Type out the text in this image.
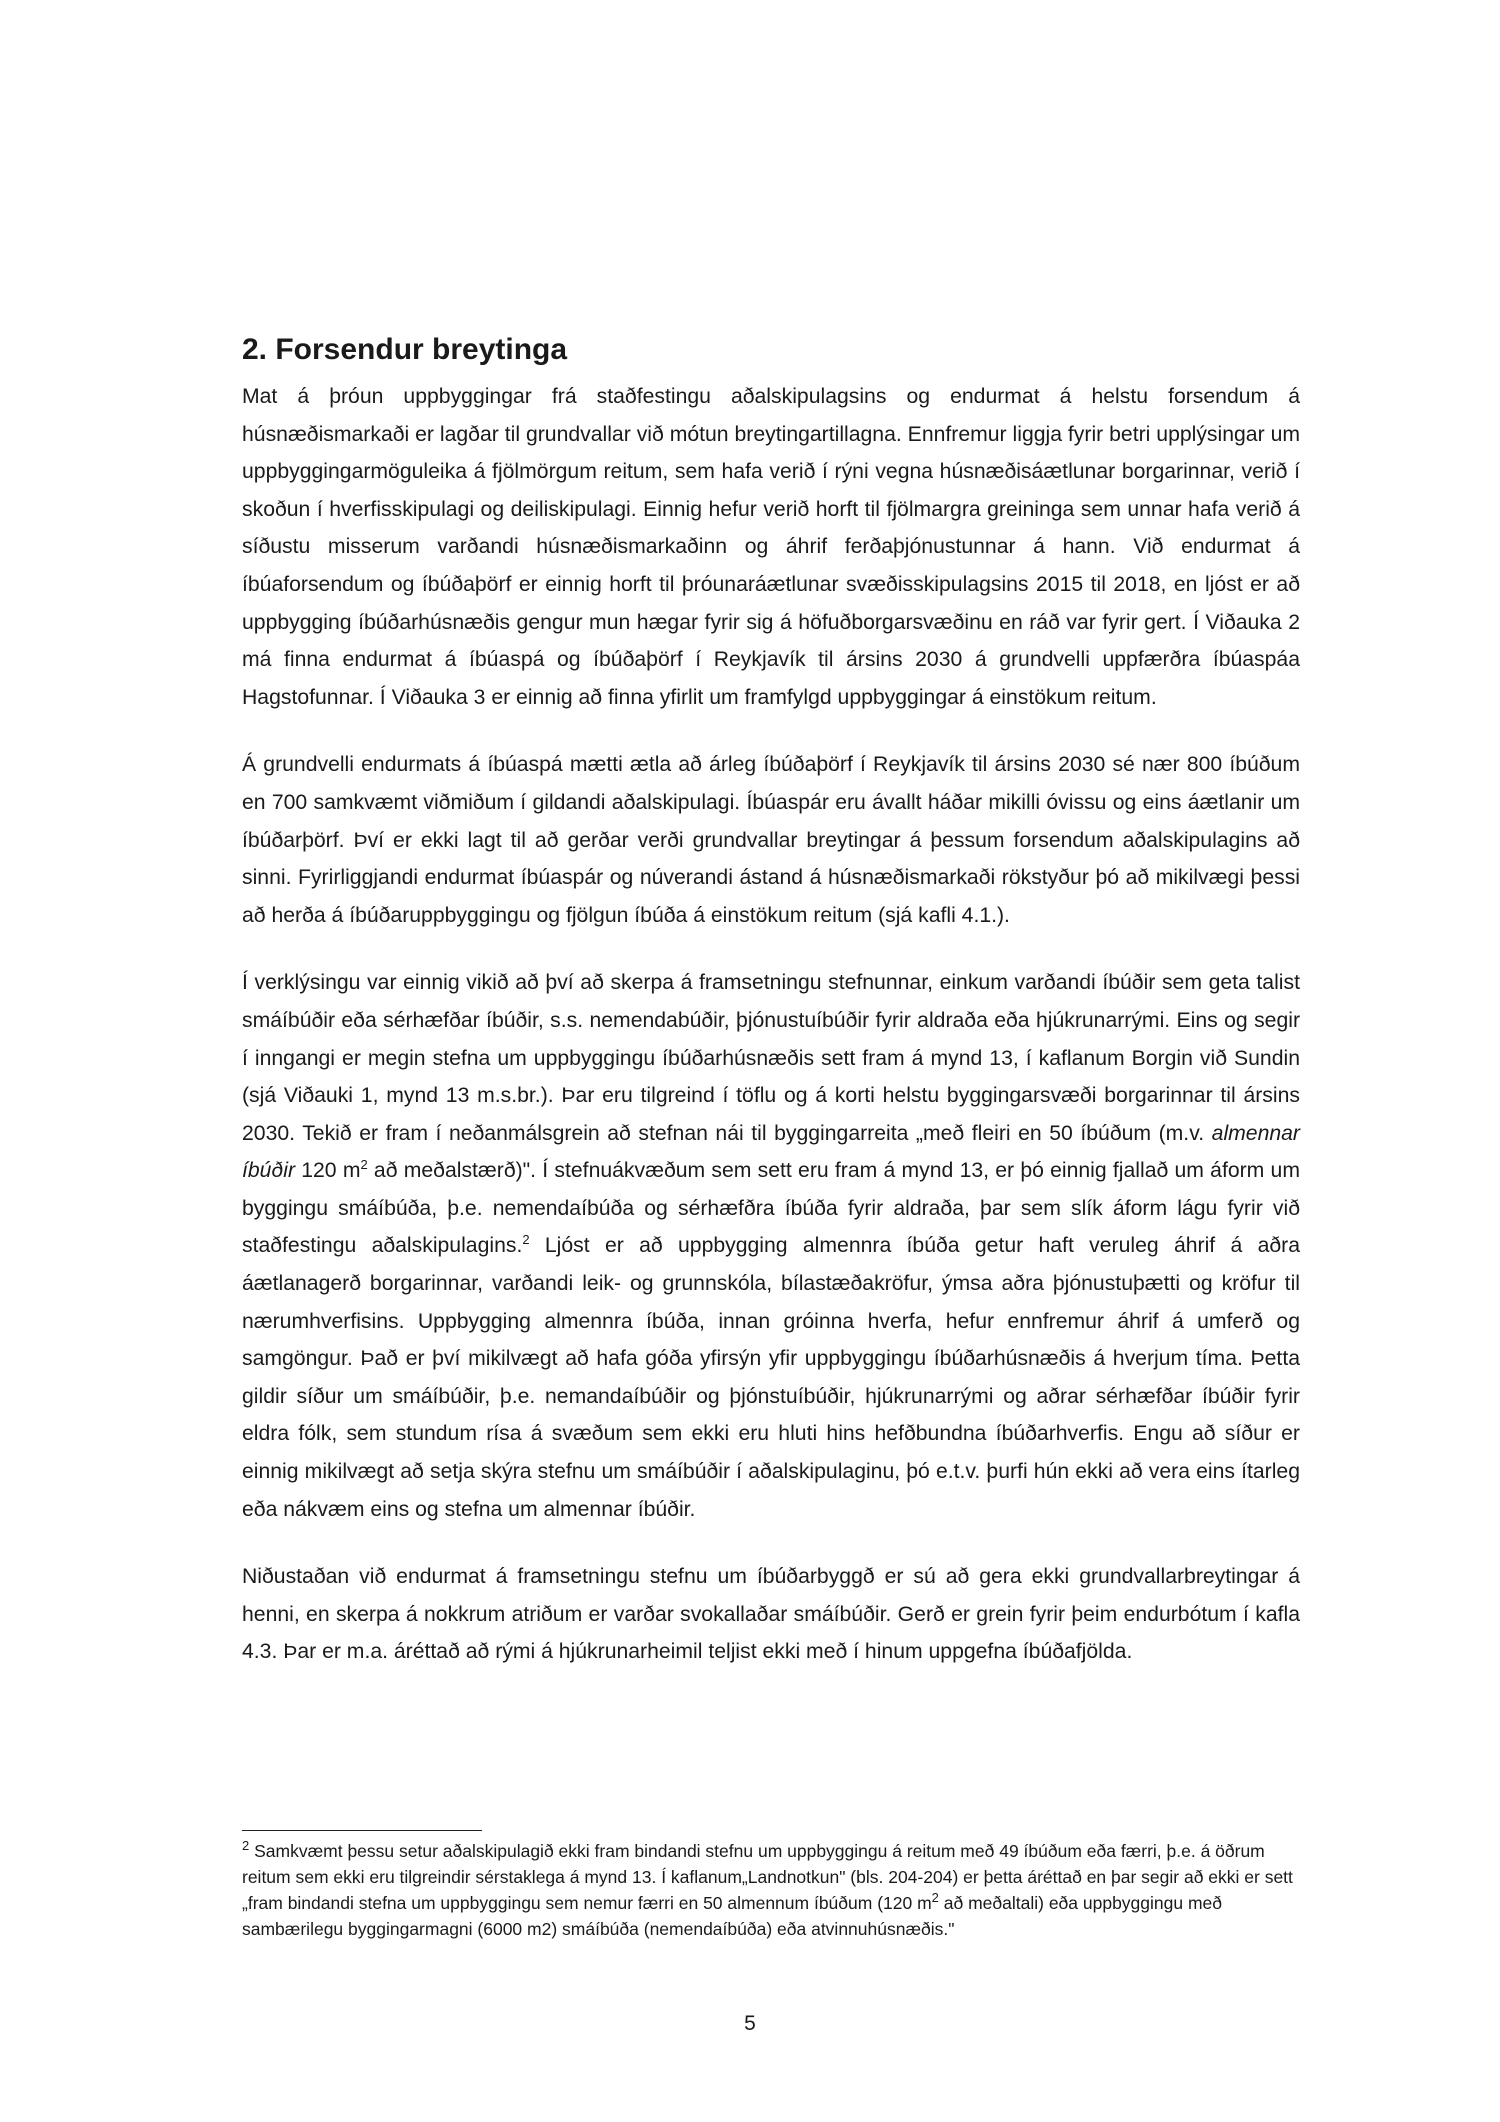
2. Forsendur breytinga

Mat á þróun uppbyggingar frá staðfestingu aðalskipulagsins og endurmat á helstu forsendum á húsnæðismarkaði er lagðar til grundvallar við mótun breytingartillagna. Ennfremur liggja fyrir betri upplýsingar um uppbyggingarmöguleika á fjölmörgum reitum, sem hafa verið í rýni vegna húsnæðisáætlunar borgarinnar, verið í skoðun í hverfisskipulagi og deiliskipulagi. Einnig hefur verið horft til fjölmargra greininga sem unnar hafa verið á síðustu misserum varðandi húsnæðismarkaðinn og áhrif ferðaþjónustunnar á hann. Við endurmat á íbúaforsendum og íbúðaþörf er einnig horft til þróunaráætlunar svæðisskipulagsins 2015 til 2018, en ljóst er að uppbygging íbúðarhúsnæðis gengur mun hægar fyrir sig á höfuðborgarsvæðinu en ráð var fyrir gert. Í Viðauka 2 má finna endurmat á íbúaspá og íbúðaþörf í Reykjavík til ársins 2030 á grundvelli uppfærðra íbúaspáa Hagstofunnar. Í Viðauka 3 er einnig að finna yfirlit um framfylgd uppbyggingar á einstökum reitum.

Á grundvelli endurmats á íbúaspá mætti ætla að árleg íbúðaþörf í Reykjavík til ársins 2030 sé nær 800 íbúðum en 700 samkvæmt viðmiðum í gildandi aðalskipulagi. Íbúaspár eru ávallt háðar mikilli óvissu og eins áætlanir um íbúðarþörf. Því er ekki lagt til að gerðar verði grundvallar breytingar á þessum forsendum aðalskipulagins að sinni. Fyrirliggjandi endurmat íbúaspár og núverandi ástand á húsnæðismarkaði rökstyður þó að mikilvægi þessi að herða á íbúðaruppbyggingu og fjölgun íbúða á einstökum reitum (sjá kafli 4.1.).

Í verklýsingu var einnig vikið að því að skerpa á framsetningu stefnunnar, einkum varðandi íbúðir sem geta talist smáíbúðir eða sérhæfðar íbúðir, s.s. nemendabúðir, þjónustuíbúðir fyrir aldraða eða hjúkrunarrými. Eins og segir í inngangi er megin stefna um uppbyggingu íbúðarhúsnæðis sett fram á mynd 13, í kaflanum Borgin við Sundin (sjá Viðauki 1, mynd 13 m.s.br.). Þar eru tilgreind í töflu og á korti helstu byggingarsvæði borgarinnar til ársins 2030. Tekið er fram í neðanmálsgrein að stefnan nái til byggingarreita „með fleiri en 50 íbúðum (m.v. almennar íbúðir 120 $m^2$ að meðalstærð)". Í stefnuákvæðum sem sett eru fram á mynd 13, er þó einnig fjallað um áform um byggingu smáíbúða, þ.e. nemendaíbúða og sérhæfðra íbúða fyrir aldraða, þar sem slík áform lágu fyrir við staðfestingu aðalskipulagins.$^2$ Ljóst er að uppbygging almennra íbúða getur haft veruleg áhrif á aðra áætlanagerð borgarinnar, varðandi leik- og grunnskóla, bílastæðakröfur, ýmsa aðra þjónustuþætti og kröfur til nærumhverfisins. Uppbygging almennra íbúða, innan gróinna hverfa, hefur ennfremur áhrif á umferð og samgöngur. Það er því mikilvægt að hafa góða yfirsýn yfir uppbyggingu íbúðarhúsnæðis á hverjum tíma. Þetta gildir síður um smáíbúðir, þ.e. nemandaíbúðir og þjónstuíbúðir, hjúkrunarrými og aðrar sérhæfðar íbúðir fyrir eldra fólk, sem stundum rísa á svæðum sem ekki eru hluti hins hefðbundna íbúðarhverfis. Engu að síður er einnig mikilvægt að setja skýra stefnu um smáíbúðir í aðalskipulaginu, þó e.t.v. þurfi hún ekki að vera eins ítarleg eða nákvæm eins og stefna um almennar íbúðir.

Niðustaðan við endurmat á framsetningu stefnu um íbúðarbyggð er sú að gera ekki grundvallarbreytingar á henni, en skerpa á nokkrum atriðum er varðar svokallaðar smáíbúðir. Gerð er grein fyrir þeim endurbótum í kafla 4.3. Þar er m.a. áréttað að rými á hjúkrunarheimil teljist ekki með í hinum uppgefna íbúðafjölda.

$^2$ Samkvæmt þessu setur aðalskipulagið ekki fram bindandi stefnu um uppbyggingu á reitum með 49 íbúðum eða færri, þ.e. á öðrum reitum sem ekki eru tilgreindir sérstaklega á mynd 13. Í kaflanum„Landnotkun" (bls. 204-204) er þetta áréttað en þar segir að ekki er sett „fram bindandi stefna um uppbyggingu sem nemur færri en 50 almennum íbúðum (120 $m^2$ að meðaltali) eða uppbyggingu með sambærilegu byggingarmagni (6000 m2) smáíbúða (nemendaíbúða) eða atvinnuhúsnæðis."
5
